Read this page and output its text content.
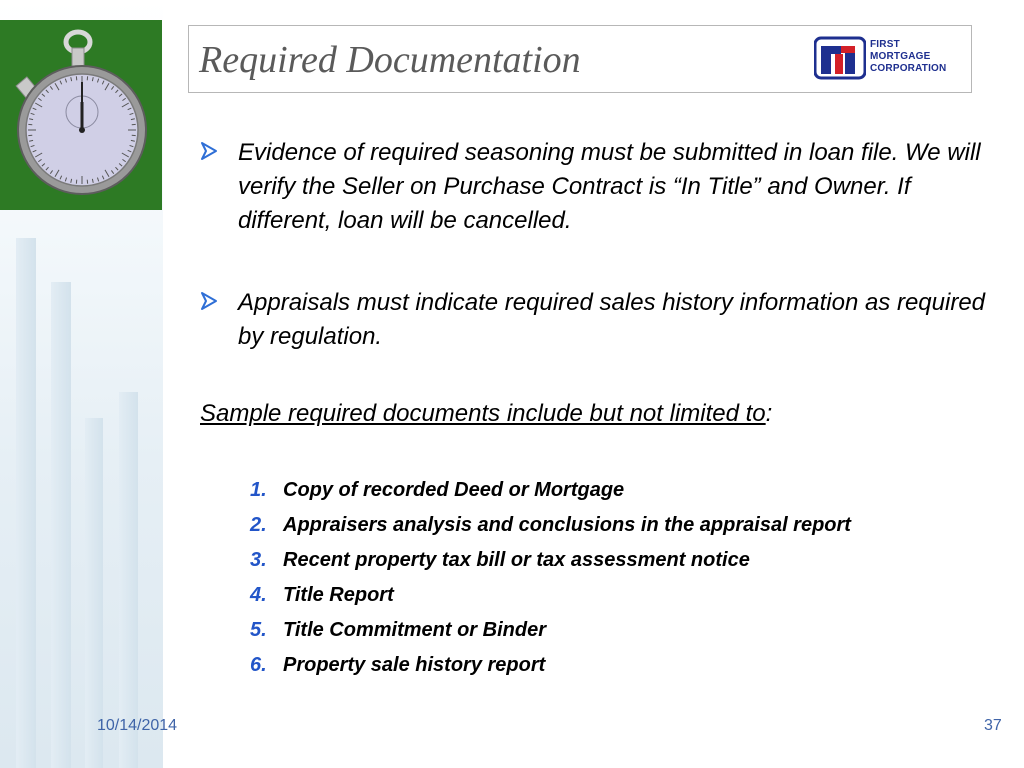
Required Documentation	FIRST
MORTGAGE
CORPORATION
Evidence of required seasoning must be submitted in loan file. We will verify the Seller on Purchase Contract is “In Title” and Owner. If different, loan will be cancelled.
Appraisals must indicate required sales history information as required by regulation.
Sample required documents include but not limited to:
1. Copy of recorded Deed or Mortgage
2. Appraisers analysis and conclusions in the appraisal report
3. Recent property tax bill or tax assessment notice
4. Title Report
5. Title Commitment or Binder
6. Property sale history report
10/14/2014	37
